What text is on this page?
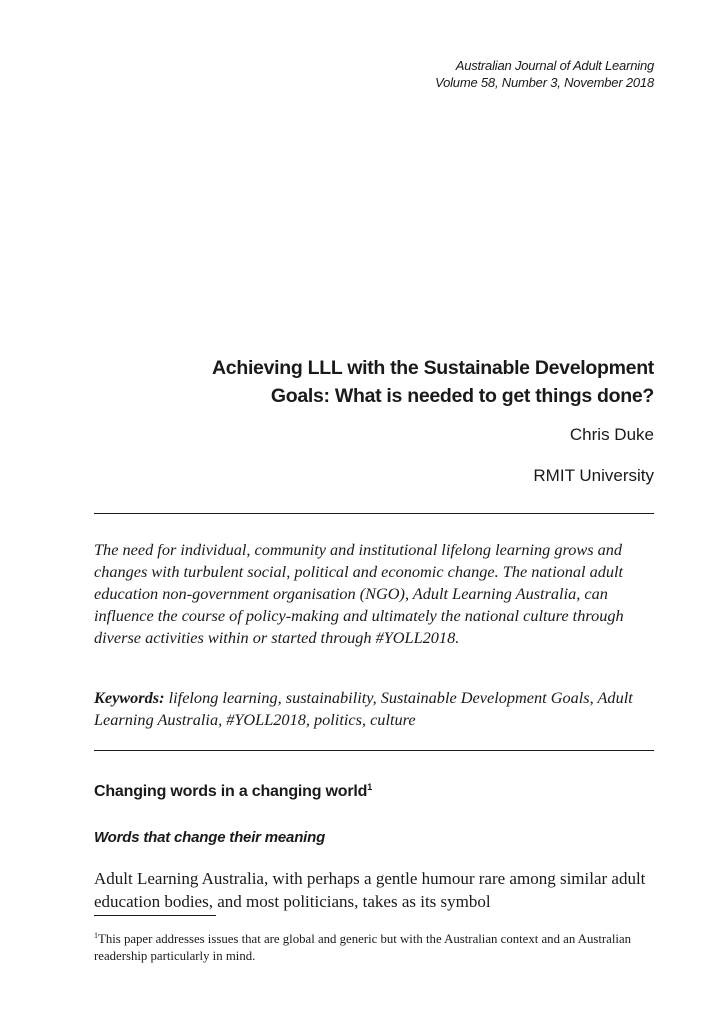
Australian Journal of Adult Learning
Volume 58, Number 3, November 2018
Achieving LLL with the Sustainable Development
Goals: What is needed to get things done?
Chris Duke
RMIT University

The need for individual, community and institutional lifelong learning grows and changes with turbulent social, political and economic change. The national adult education non-government organisation (NGO), Adult Learning Australia, can influence the course of policy-making and ultimately the national culture through diverse activities within or started through #YOLL2018.

Keywords: lifelong learning, sustainability, Sustainable Development Goals, Adult Learning Australia, #YOLL2018, politics, culture

Changing words in a changing world$^1$
Words that change their meaning

Adult Learning Australia, with perhaps a gentle humour rare among similar adult education bodies, and most politicians, takes as its symbol

$^1$This paper addresses issues that are global and generic but with the Australian context and an Australian readership particularly in mind.
